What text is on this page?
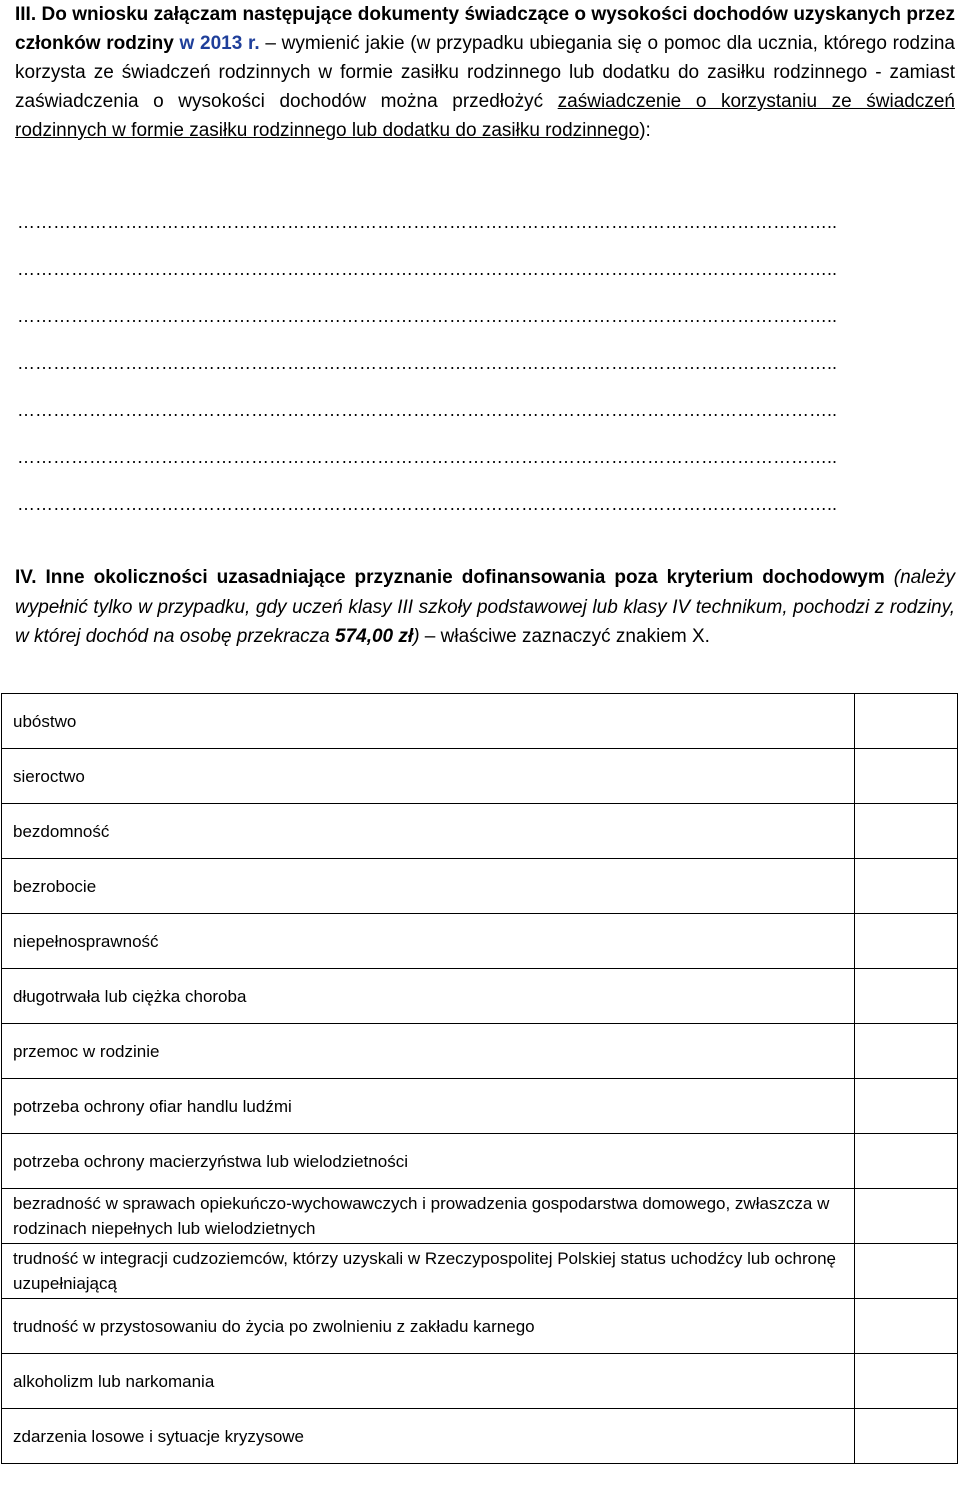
III. Do wniosku załączam następujące dokumenty świadczące o wysokości dochodów uzyskanych przez członków rodziny w 2013 r. – wymienić jakie (w przypadku ubiegania się o pomoc dla ucznia, którego rodzina korzysta ze świadczeń rodzinnych w formie zasiłku rodzinnego lub dodatku do zasiłku rodzinnego - zamiast zaświadczenia o wysokości dochodów można przedłożyć zaświadczenie o korzystaniu ze świadczeń rodzinnych w formie zasiłku rodzinnego lub dodatku do zasiłku rodzinnego):

………………………………………………………………………………………………………………………..
………………………………………………………………………………………………………………………..
………………………………………………………………………………………………………………………..
………………………………………………………………………………………………………………………..
………………………………………………………………………………………………………………………..
………………………………………………………………………………………………………………………..
………………………………………………………………………………………………………………………..

IV. Inne okoliczności uzasadniające przyznanie dofinansowania poza kryterium dochodowym (należy wypełnić tylko w przypadku, gdy uczeń klasy III szkoły podstawowej lub klasy IV technikum, pochodzi z rodziny, w której dochód na osobę przekracza 574,00 zł) – właściwe zaznaczyć znakiem X.

ubóstwo	

sieroctwo	

bezdomność	

bezrobocie	

niepełnosprawność	

długotrwała lub ciężka choroba	

przemoc w rodzinie	

potrzeba ochrony ofiar handlu ludźmi	

potrzeba ochrony macierzyństwa lub wielodzietności	

bezradność w sprawach opiekuńczo-wychowawczych i prowadzenia gospodarstwa domowego, zwłaszcza w rodzinach niepełnych lub wielodzietnych	

trudność w integracji cudzoziemców, którzy uzyskali w Rzeczypospolitej Polskiej status uchodźcy lub ochronę uzupełniającą	

trudność w przystosowaniu do życia po zwolnieniu z zakładu karnego	

alkoholizm lub narkomania	

zdarzenia losowe i sytuacje kryzysowe	
